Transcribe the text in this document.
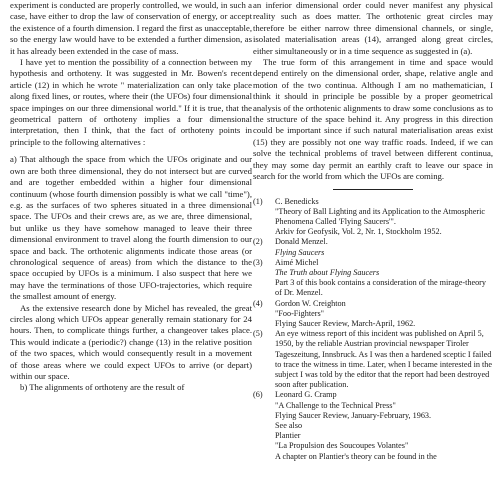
experiment is conducted are properly controlled, we would, in such a case, have either to drop the law of conservation of energy, or accept the existence of a fourth dimension. I regard the first as unacceptable, so the energy law would have to be extended a further dimension, as it has already been extended in the case of mass.

I have yet to mention the possibility of a connection between my hypothesis and orthoteny. It was suggested in Mr. Bowen's recent article (12) in which he wrote " materialization can only take place along fixed lines, or routes, where their (the UFOs) four dimensional space impinges on our three dimensional world." If it is true, that the geometrical pattern of orthoteny implies a four dimensional interpretation, then I think, that the fact of orthoteny points in principle to the following alternatives :

a) That although the space from which the UFOs originate and our own are both three dimensional, they do not intersect but are curved and are together embedded within a higher four dimensional continuum (whose fourth dimension possibly is what we call "time"), e.g. as the surfaces of two spheres situated in a three dimensional space. The UFOs and their crews are, as we are, three dimensional, but unlike us they have somehow managed to leave their three dimensional environment to travel along the fourth dimension to our space and back. The orthotenic alignments indicate those areas (or chronological sequence of areas) from which the distance to the space occupied by UFOs is a minimum. I also suspect that here we may have the terminations of those UFO-trajectories, which require the smallest amount of energy.

As the extensive research done by Michel has revealed, the great circles along which UFOs appear generally remain stationary for 24 hours. Then, to complicate things further, a changeover takes place. This would indicate a (periodic?) change (13) in the relative position of the two spaces, which would consequently result in a movement of those areas where we could expect UFOs to arrive (or depart) within our space.

b) The alignments of orthoteny are the result of

an inferior dimensional order could never manifest any physical reality such as does matter. The orthotenic great circles may therefore be either narrow three dimensional channels, or single, isolated materialisation areas (14), arranged along great circles, either simultaneously or in a time sequence as suggested in (a).

The true form of this arrangement in time and space would depend entirely on the dimensional order, shape, relative angle and motion of the two continua. Although I am no mathematician, I think it should in principle be possible by a proper geometrical analysis of the orthotenic alignments to draw some conclusions as to the structure of the space behind it. Any progress in this direction could be important since if such natural materialisation areas exist (15) they are possibly not one way traffic roads. Indeed, if we can solve the technical problems of travel between different continua, they may some day permit an earthly craft to leave our space in search for the world from which the UFOs are coming.

(1)	C. Benedicks
"Theory of Ball Lighting and its Application to the Atmospheric Phenomena Called 'Flying Saucers'".
Arkiv for Geofysik, Vol. 2, Nr. 1, Stockholm 1952.
(2)	Donald Menzel.
Flying Saucers
(3)	Aimé Michel
The Truth about Flying Saucers
Part 3 of this book contains a consideration of the mirage-theory of Dr. Menzel.
(4)	Gordon W. Creighton
"Foo-Fighters"
Flying Saucer Review, March-April, 1962.
(5)	An eye witness report of this incident was published on April 5, 1950, by the reliable Austrian provincial newspaper Tiroler Tageszeitung, Innsbruck. As I was then a hardened sceptic I failed to trace the witness in time. Later, when I became interested in the subject I was told by the editor that the report had been destroyed soon after publication.
(6)	Leonard G. Cramp
"A Challenge to the Technical Press"
Flying Saucer Review, January-February, 1963.
See also
Plantier
"La Propulsion des Soucoupes Volantes"
A chapter on Plantier's theory can be found in the
